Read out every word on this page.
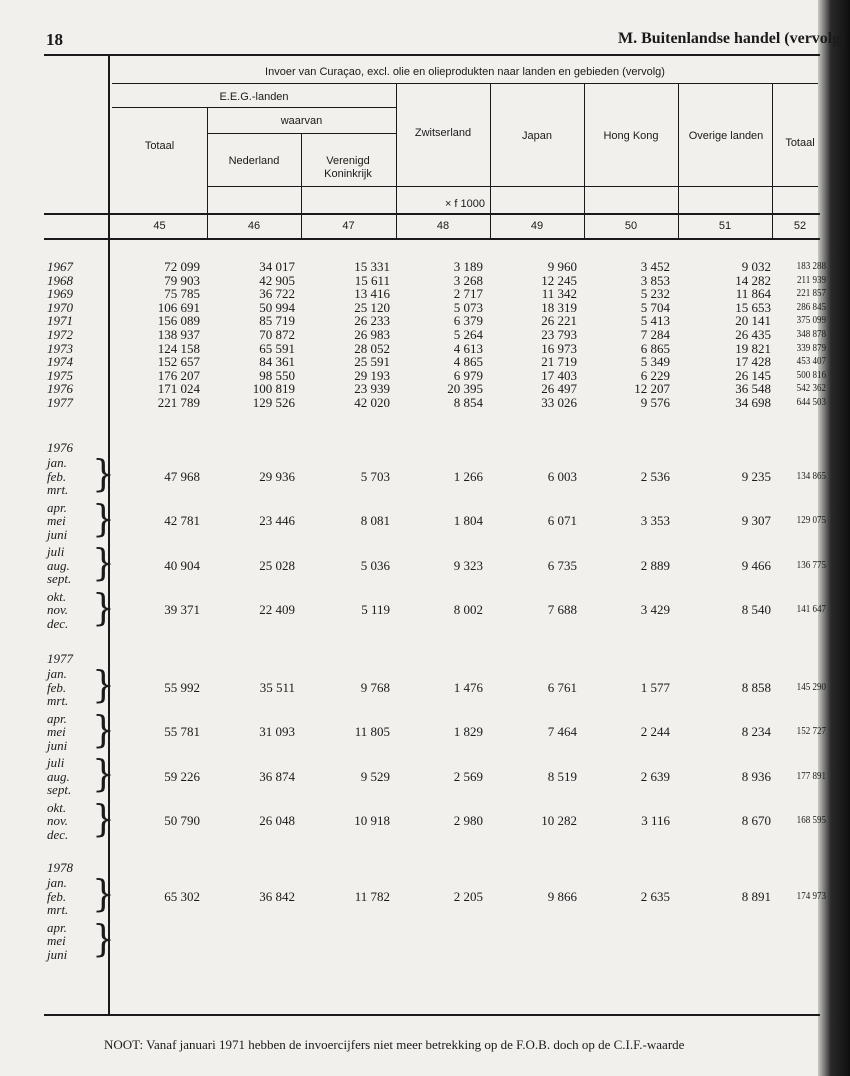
18	M. Buitenlandse handel (vervolg)
Invoer van Curaçao, excl. olie en olieprodukten naar landen en gebieden (vervolg)
E.E.G.-landen
waarvan
× f 1000
Totaal
Nederland	Verenigd Koninkrijk
Zwitserland	Japan	Hong Kong	Overige landen
Totaal
45	46	47	48	49	50	51	52
1967	72 099	34 017	15 331	3 189	9 960	3 452	9 032	183 288
1968	79 903	42 905	15 611	3 268	12 245	3 853	14 282	211 939
1969	75 785	36 722	13 416	2 717	11 342	5 232	11 864	221 857
1970	106 691	50 994	25 120	5 073	18 319	5 704	15 653	286 845
1971	156 089	85 719	26 233	6 379	26 221	5 413	20 141	375 099
1972	138 937	70 872	26 983	5 264	23 793	7 284	26 435	348 878
1973	124 158	65 591	28 052	4 613	16 973	6 865	19 821	339 879
1974	152 657	84 361	25 591	4 865	21 719	5 349	17 428	453 407
1975	176 207	98 550	29 193	6 979	17 403	6 229	26 145	500 816
1976	171 024	100 819	23 939	20 395	26 497	12 207	36 548	542 362
1977	221 789	129 526	42 020	8 854	33 026	9 576	34 698	644 503
1976
jan.
feb.
mrt. }	47 968	29 936	5 703	1 266	6 003	2 536	9 235	134 865
apr.
mei
juni }	42 781	23 446	8 081	1 804	6 071	3 353	9 307	129 075
juli
aug.
sept. }	40 904	25 028	5 036	9 323	6 735	2 889	9 466	136 775
okt.
nov.
dec. }	39 371	22 409	5 119	8 002	7 688	3 429	8 540	141 647
1977
jan.
feb.
mrt. }	55 992	35 511	9 768	1 476	6 761	1 577	8 858	145 290
apr.
mei
juni }	55 781	31 093	11 805	1 829	7 464	2 244	8 234	152 727
juli
aug.
sept. }	59 226	36 874	9 529	2 569	8 519	2 639	8 936	177 891
okt.
nov.
dec. }	50 790	26 048	10 918	2 980	10 282	3 116	8 670	168 595
1978
jan.
feb.
mrt. }	65 302	36 842	11 782	2 205	9 866	2 635	8 891	174 973
apr.
mei
juni }
NOOT: Vanaf januari 1971 hebben de invoercijfers niet meer betrekking op de F.O.B. doch op de C.I.F.-waarde
